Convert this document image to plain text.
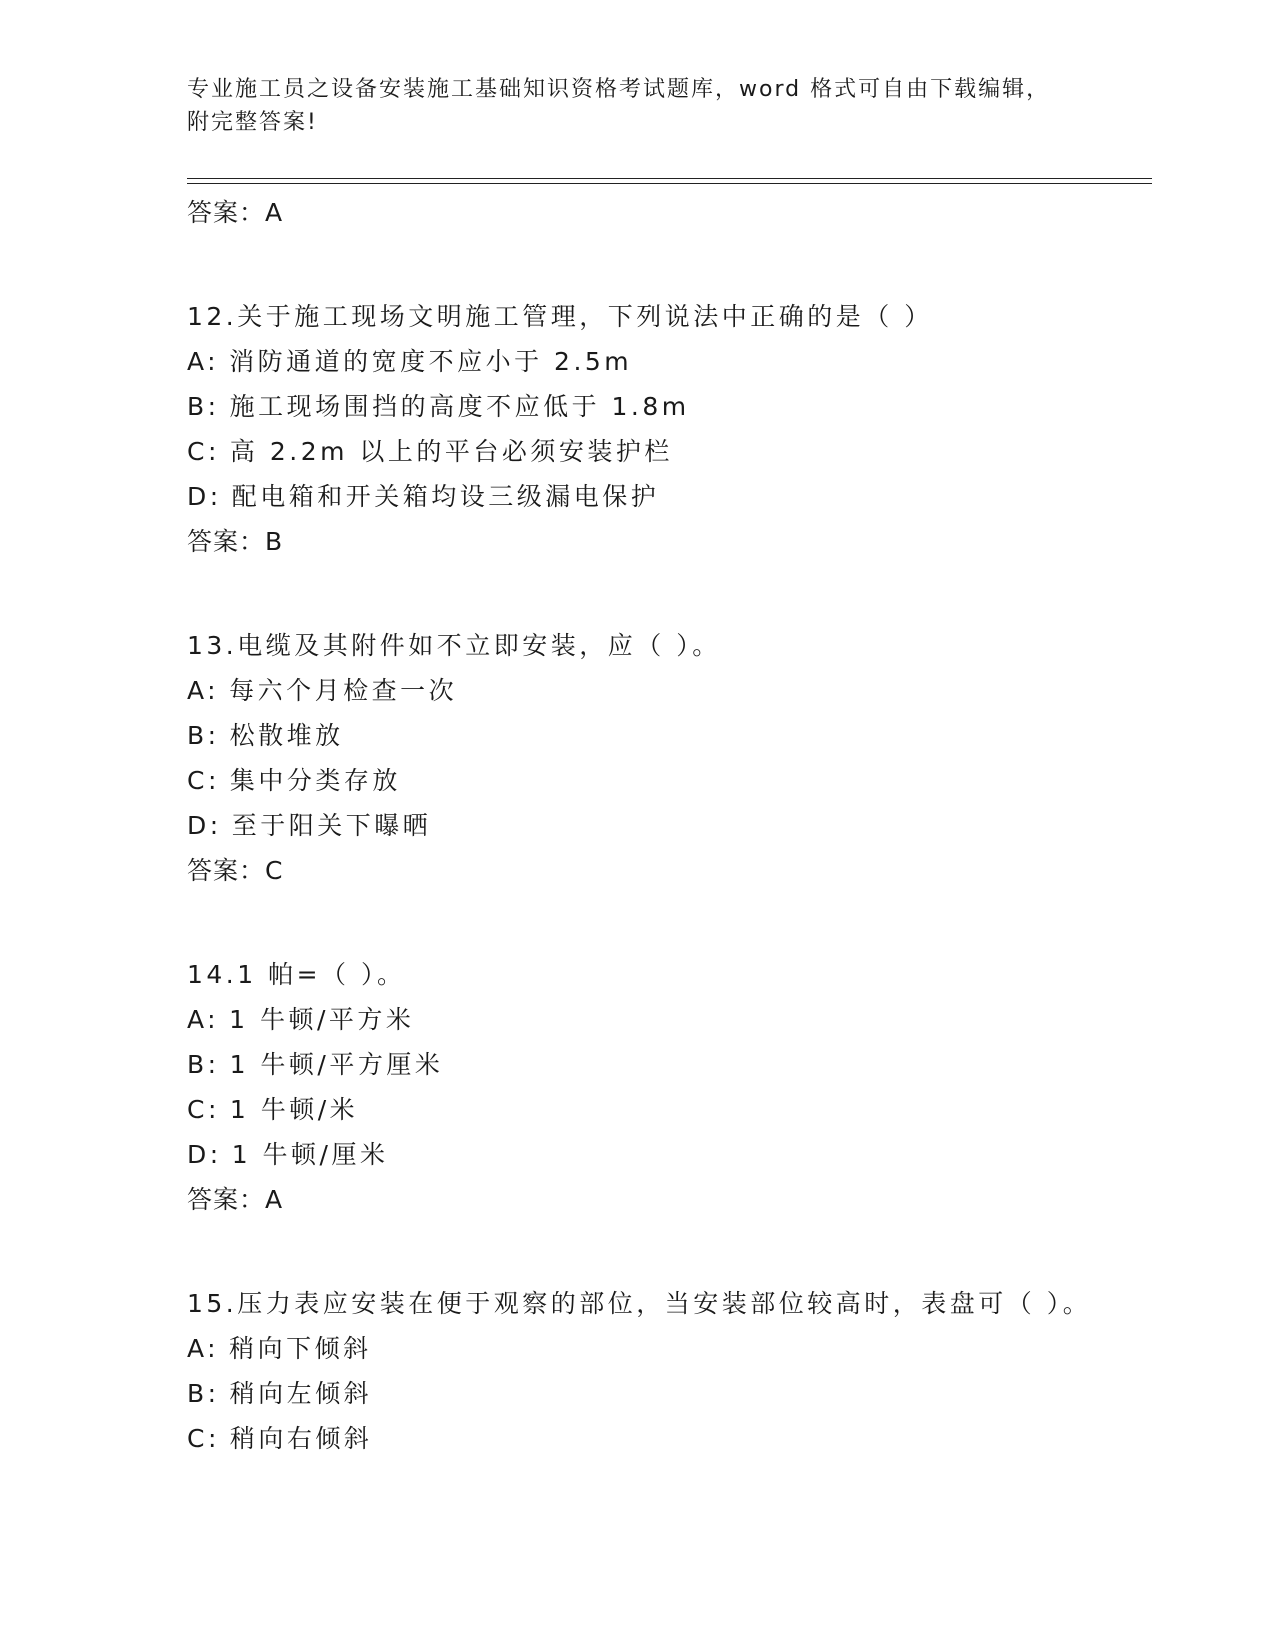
专业施工员之设备安装施工基础知识资格考试题库，word 格式可自由下载编辑，
附完整答案!
答案：A
12.关于施工现场文明施工管理，下列说法中正确的是（ ）
A: 消防通道的宽度不应小于 2.5m
B: 施工现场围挡的高度不应低于 1.8m
C: 高 2.2m 以上的平台必须安装护栏
D: 配电箱和开关箱均设三级漏电保护
答案：B
13.电缆及其附件如不立即安装，应（ ）。
A: 每六个月检查一次
B: 松散堆放
C: 集中分类存放
D: 至于阳关下曝晒
答案：C
14.1 帕=（ ）。
A: 1 牛顿/平方米
B: 1 牛顿/平方厘米
C: 1 牛顿/米
D: 1 牛顿/厘米
答案：A
15.压力表应安装在便于观察的部位，当安装部位较高时，表盘可（ ）。
A: 稍向下倾斜
B: 稍向左倾斜
C: 稍向右倾斜
